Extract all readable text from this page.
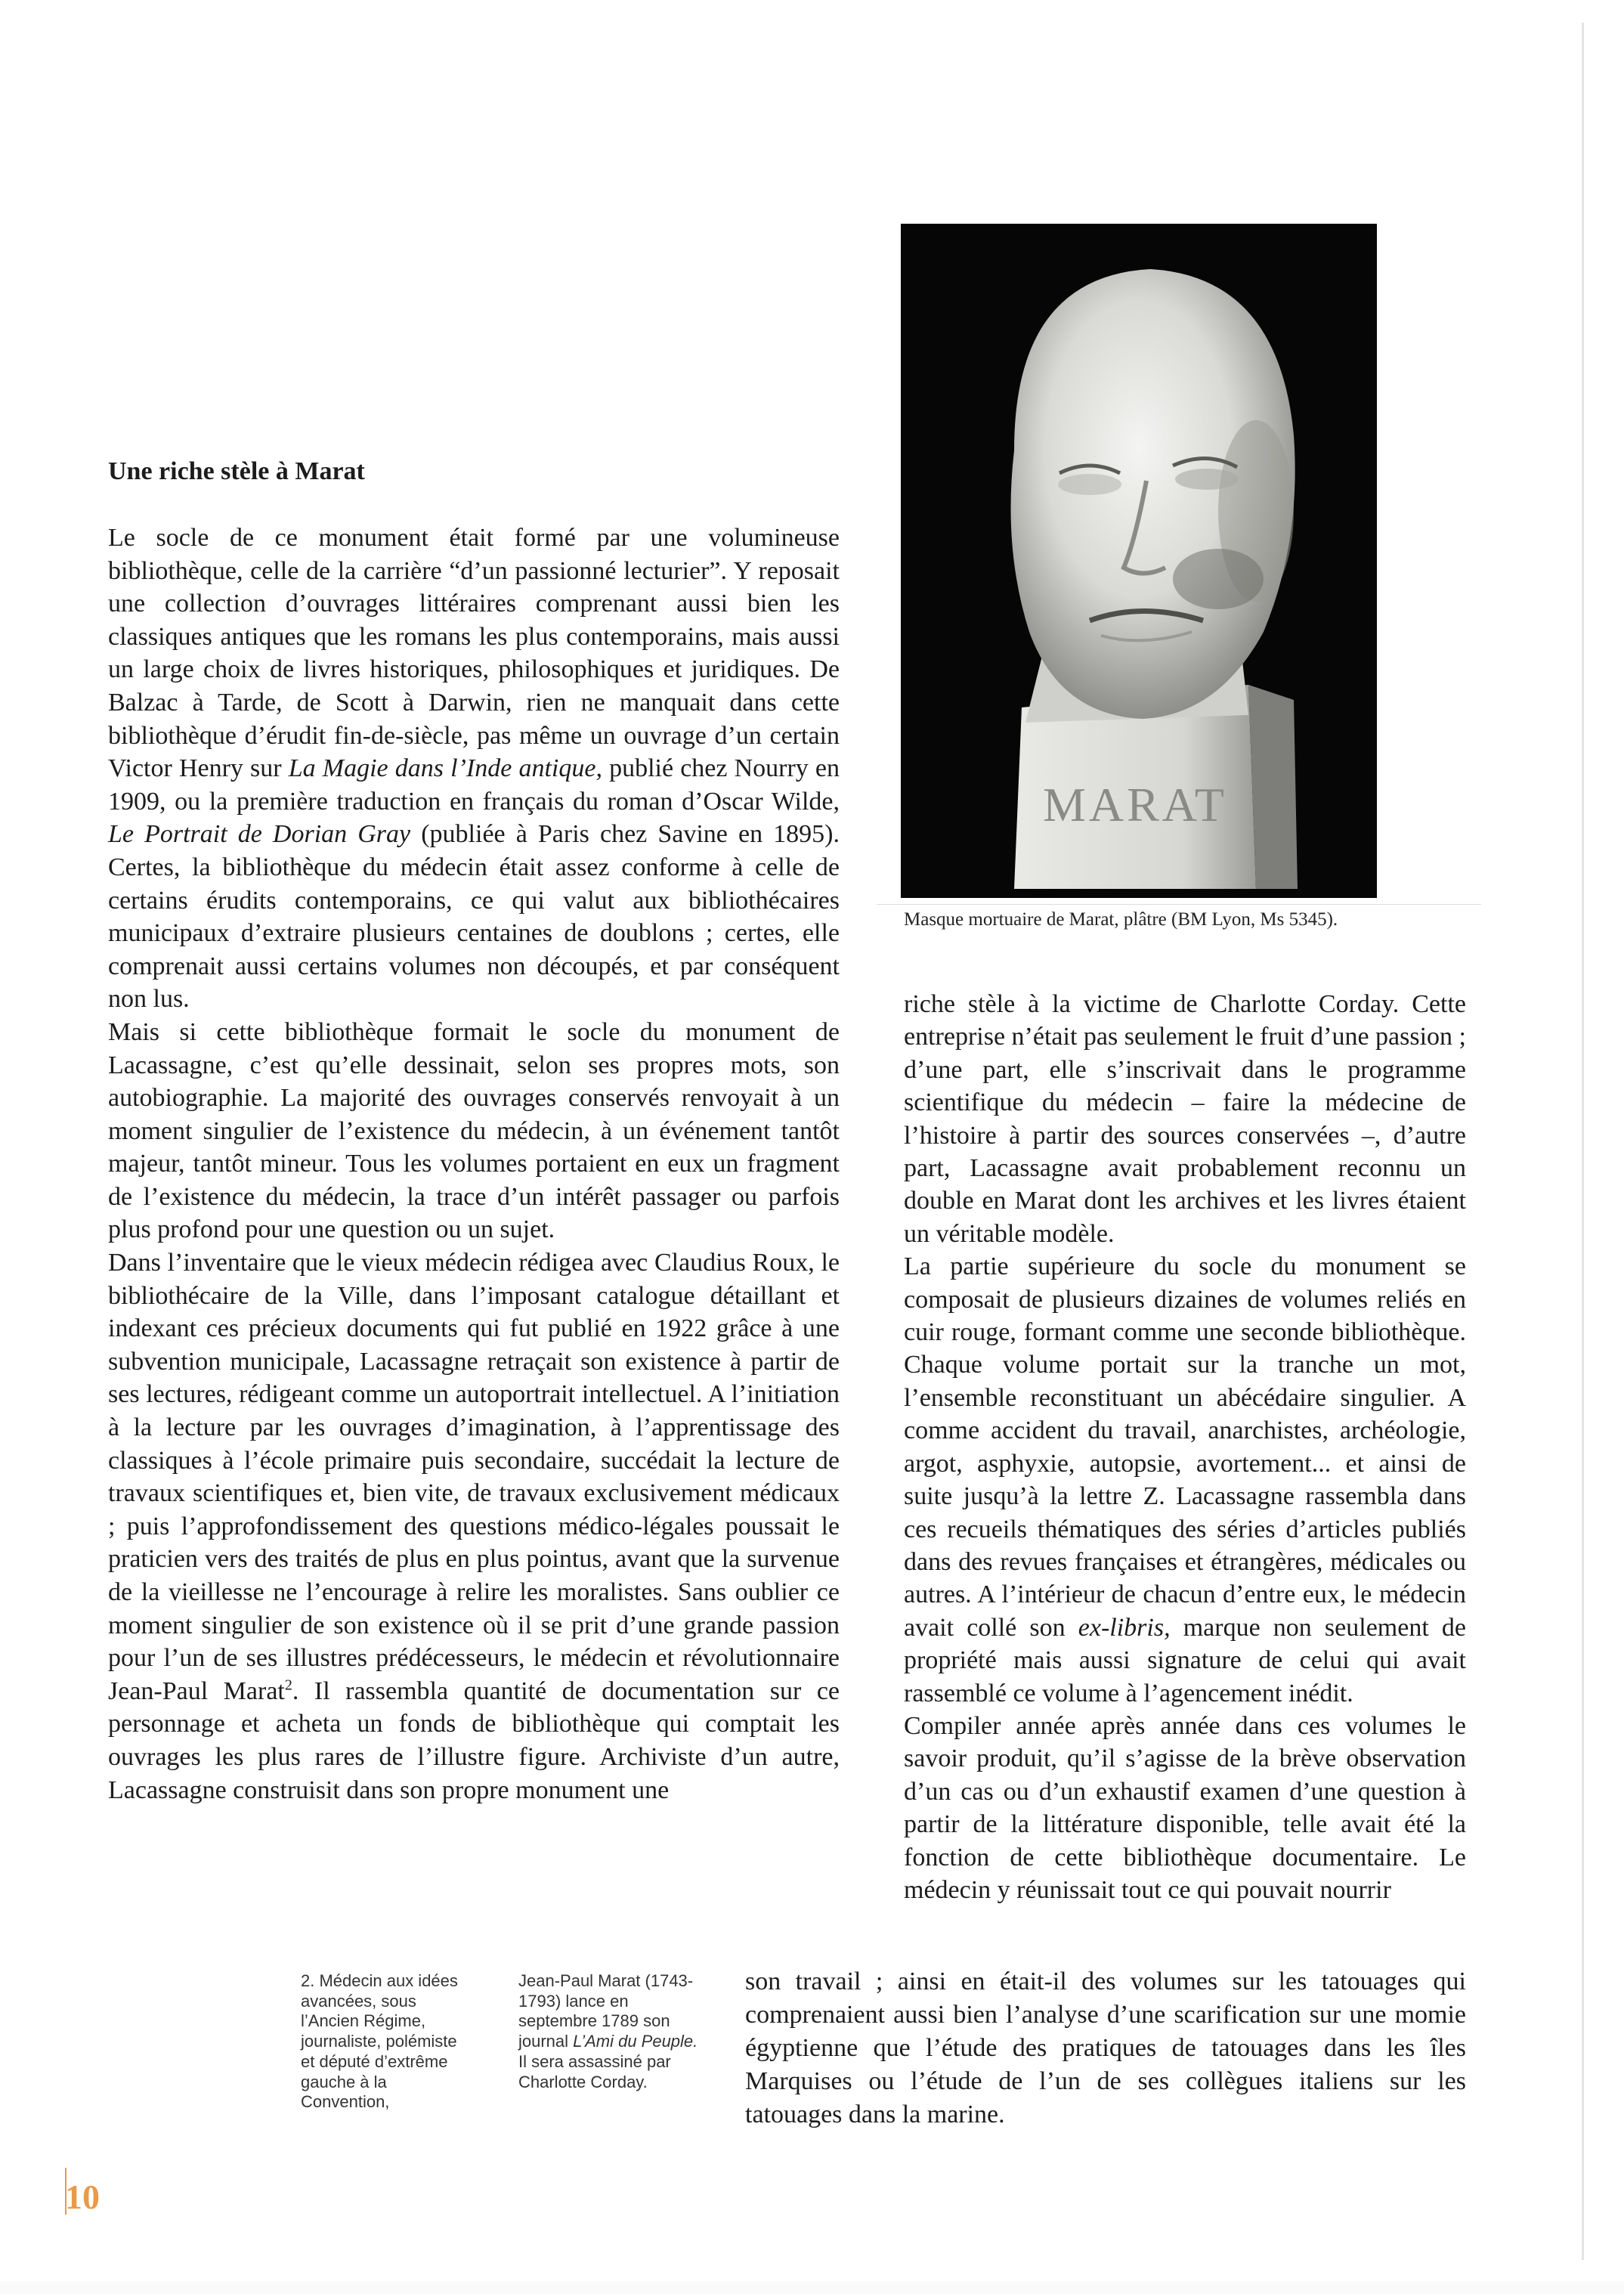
MARAT
Masque mortuaire de Marat, plâtre (BM Lyon, Ms 5345).
Une riche stèle à Marat

Le socle de ce monument était formé par une volumineuse bibliothèque, celle de la carrière “d’un passionné lecturier”. Y reposait une collection d’ouvrages littéraires comprenant aussi bien les classiques antiques que les romans les plus contemporains, mais aussi un large choix de livres historiques, philosophiques et juridiques. De Balzac à Tarde, de Scott à Darwin, rien ne manquait dans cette bibliothèque d’érudit fin-de-siècle, pas même un ouvrage d’un certain Victor Henry sur La Magie dans l’Inde antique, publié chez Nourry en 1909, ou la première traduction en français du roman d’Oscar Wilde, Le Portrait de Dorian Gray (publiée à Paris chez Savine en 1895). Certes, la bibliothèque du médecin était assez conforme à celle de certains érudits contemporains, ce qui valut aux bibliothécaires municipaux d’extraire plusieurs centaines de doublons ; certes, elle comprenait aussi certains volumes non découpés, et par conséquent non lus.

Mais si cette bibliothèque formait le socle du monument de Lacassagne, c’est qu’elle dessinait, selon ses propres mots, son autobiographie. La majorité des ouvrages conservés renvoyait à un moment singulier de l’existence du médecin, à un événement tantôt majeur, tantôt mineur. Tous les volumes portaient en eux un fragment de l’existence du médecin, la trace d’un intérêt passager ou parfois plus profond pour une question ou un sujet.

Dans l’inventaire que le vieux médecin rédigea avec Claudius Roux, le bibliothécaire de la Ville, dans l’imposant catalogue détaillant et indexant ces précieux documents qui fut publié en 1922 grâce à une subvention municipale, Lacassagne retraçait son existence à partir de ses lectures, rédigeant comme un autoportrait intellectuel. A l’initiation à la lecture par les ouvrages d’imagination, à l’apprentissage des classiques à l’école primaire puis secondaire, succédait la lecture de travaux scientifiques et, bien vite, de travaux exclusivement médicaux ; puis l’approfondissement des questions médico-légales poussait le praticien vers des traités de plus en plus pointus, avant que la survenue de la vieillesse ne l’encourage à relire les moralistes. Sans oublier ce moment singulier de son existence où il se prit d’une grande passion pour l’un de ses illustres prédécesseurs, le médecin et révolutionnaire Jean-Paul Marat$^2$. Il rassembla quantité de documentation sur ce personnage et acheta un fonds de bibliothèque qui comptait les ouvrages les plus rares de l’illustre figure. Archiviste d’un autre, Lacassagne construisit dans son propre monument une

riche stèle à la victime de Charlotte Corday. Cette entreprise n’était pas seulement le fruit d’une passion ; d’une part, elle s’inscrivait dans le programme scientifique du médecin – faire la médecine de l’histoire à partir des sources conservées –, d’autre part, Lacassagne avait probablement reconnu un double en Marat dont les archives et les livres étaient un véritable modèle.

La partie supérieure du socle du monument se composait de plusieurs dizaines de volumes reliés en cuir rouge, formant comme une seconde bibliothèque. Chaque volume portait sur la tranche un mot, l’ensemble reconstituant un abécédaire singulier. A comme accident du travail, anarchistes, archéologie, argot, asphyxie, autopsie, avortement... et ainsi de suite jusqu’à la lettre Z. Lacassagne rassembla dans ces recueils thématiques des séries d’articles publiés dans des revues françaises et étrangères, médicales ou autres. A l’intérieur de chacun d’entre eux, le médecin avait collé son ex-libris, marque non seulement de propriété mais aussi signature de celui qui avait rassemblé ce volume à l’agencement inédit.

Compiler année après année dans ces volumes le savoir produit, qu’il s’agisse de la brève observation d’un cas ou d’un exhaustif examen d’une question à partir de la littérature disponible, telle avait été la fonction de cette bibliothèque documentaire. Le médecin y réunissait tout ce qui pouvait nourrir

son travail ; ainsi en était-il des volumes sur les tatouages qui comprenaient aussi bien l’analyse d’une scarification sur une momie égyptienne que l’étude des pratiques de tatouages dans les îles Marquises ou l’étude de l’un de ses collègues italiens sur les tatouages dans la marine.

2. Médecin aux idées avancées, sous l’Ancien Régime, journaliste, polémiste et député d’extrême gauche à la Convention,
Jean-Paul Marat (1743-1793) lance en septembre 1789 son journal L’Ami du Peuple.
Il sera assassiné par Charlotte Corday.
10
